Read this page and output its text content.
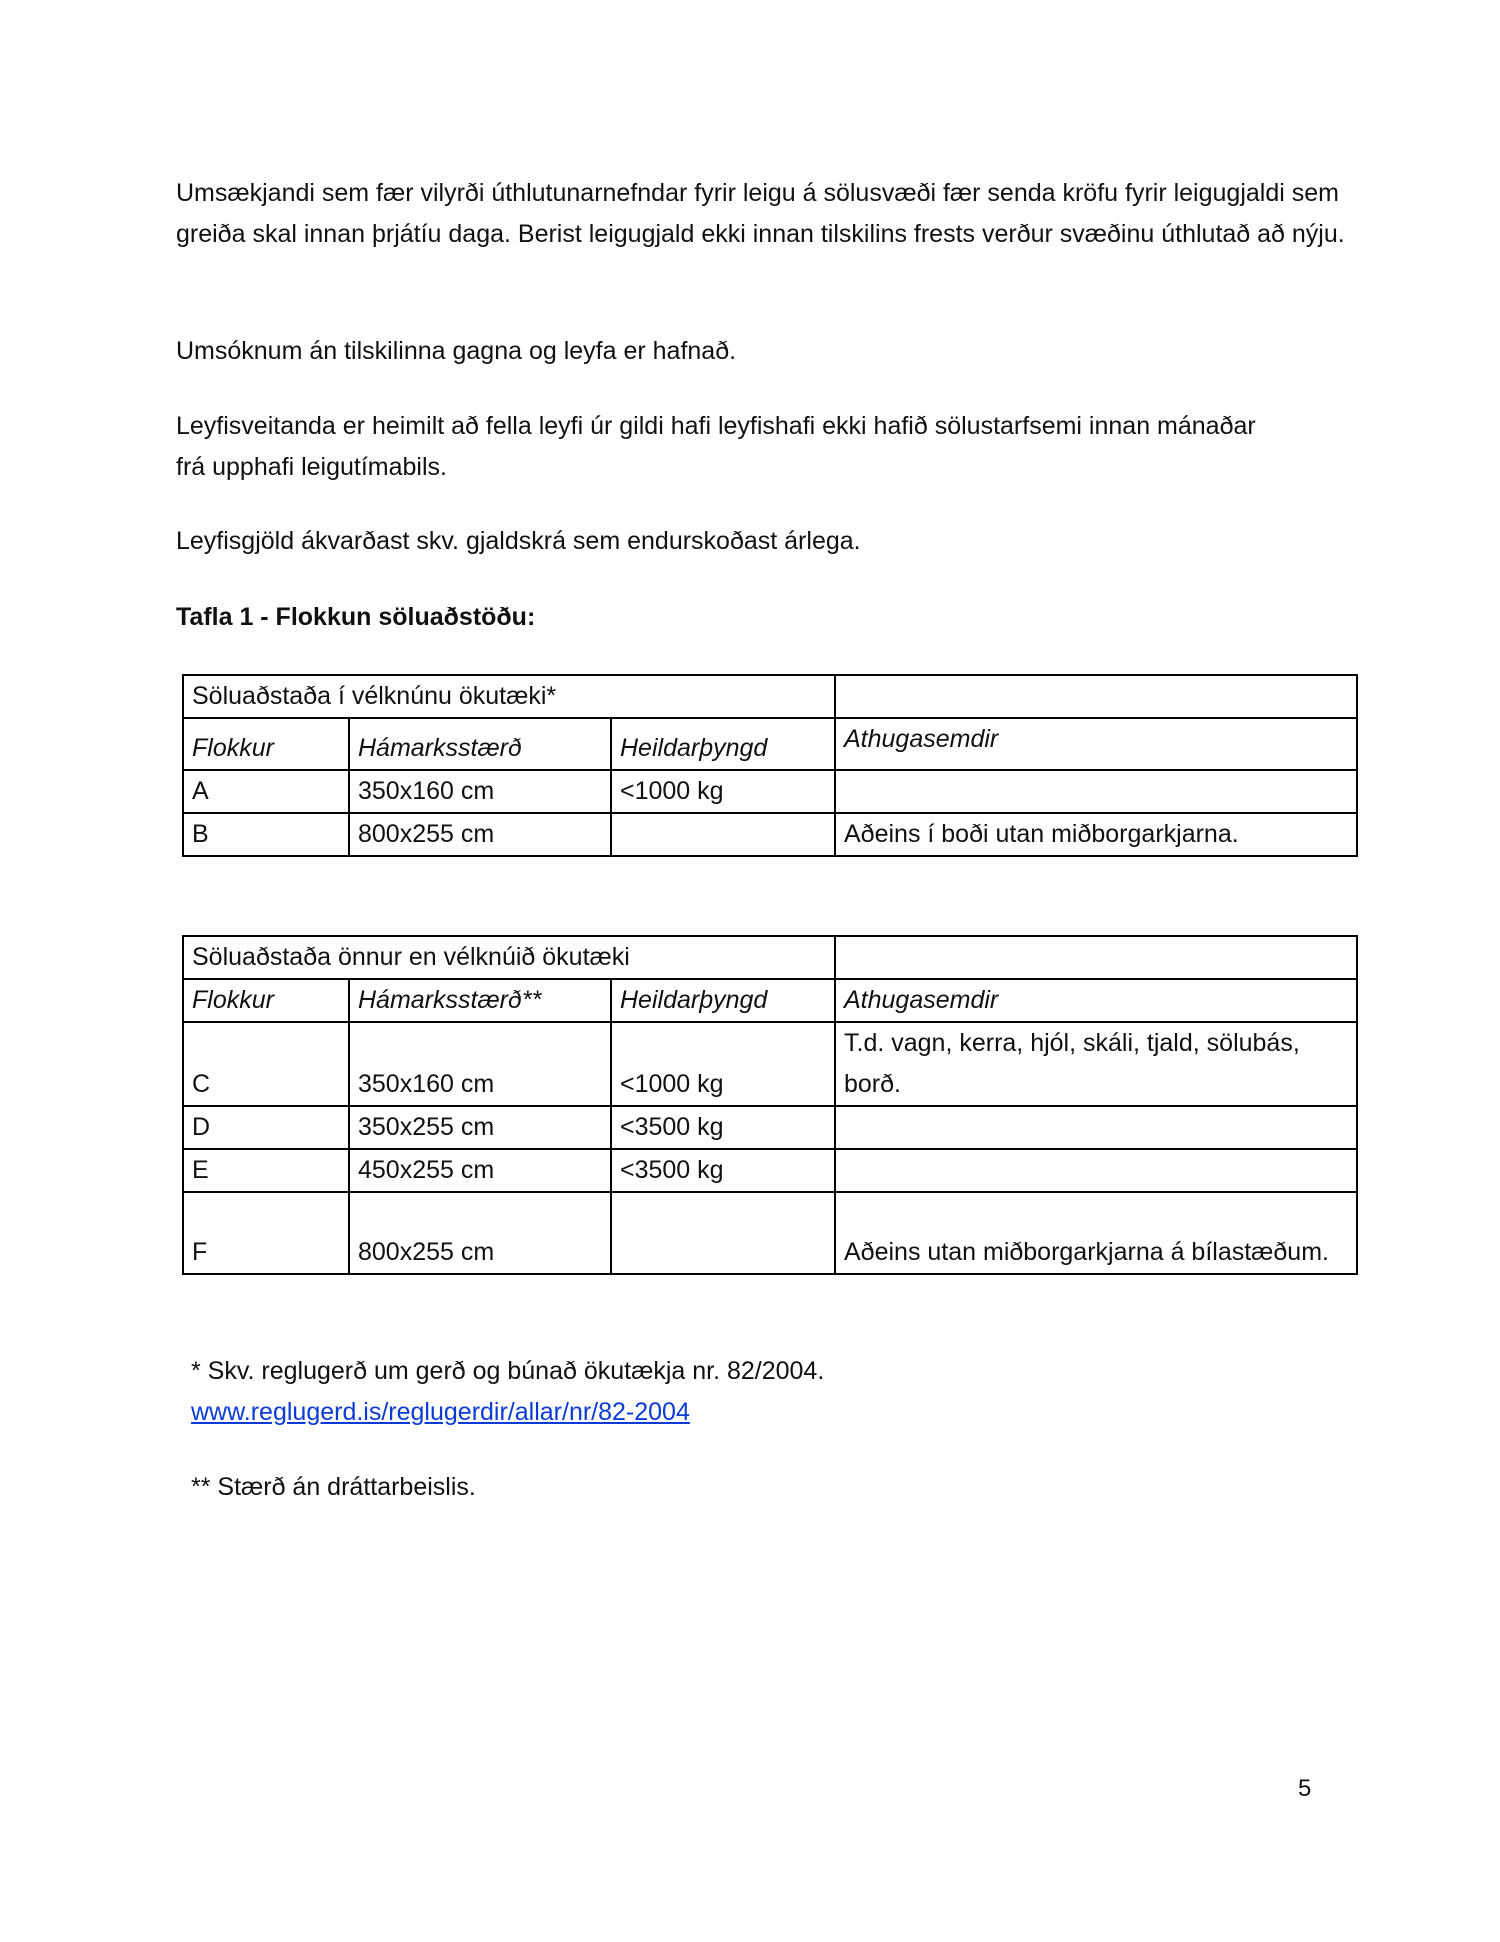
Umsækjandi sem fær vilyrði úthlutunarnefndar fyrir leigu á sölusvæði fær senda kröfu fyrir leigugjaldi sem greiða skal innan þrjátíu daga. Berist leigugjald ekki innan tilskilins frests verður svæðinu úthlutað að nýju.

Umsóknum án tilskilinna gagna og leyfa er hafnað.

Leyfisveitanda er heimilt að fella leyfi úr gildi hafi leyfishafi ekki hafið sölustarfsemi innan mánaðar frá upphafi leigutímabils.

Leyfisgjöld ákvarðast skv. gjaldskrá sem endurskoðast árlega.

Tafla 1 - Flokkun söluaðstöðu:

Söluaðstaða í vélknúnu ökutæki*			
Flokkur	Hámarksstærð	Heildarþyngd	Athugasemdir
A	350x160 cm	<1000 kg	
B	800x255 cm		Aðeins í boði utan miðborgarkjarna.
Söluaðstaða önnur en vélknúið ökutæki			
Flokkur	Hámarksstærð**	Heildarþyngd	Athugasemdir
C	350x160 cm	<1000 kg	T.d. vagn, kerra, hjól, skáli, tjald, sölubás, borð.
D	350x255 cm	<3500 kg	
E	450x255 cm	<3500 kg	
F	800x255 cm		Aðeins utan miðborgarkjarna á bílastæðum.
* Skv. reglugerð um gerð og búnað ökutækja nr. 82/2004.
www.reglugerd.is/reglugerdir/allar/nr/82-2004
** Stærð án dráttarbeislis.
5
